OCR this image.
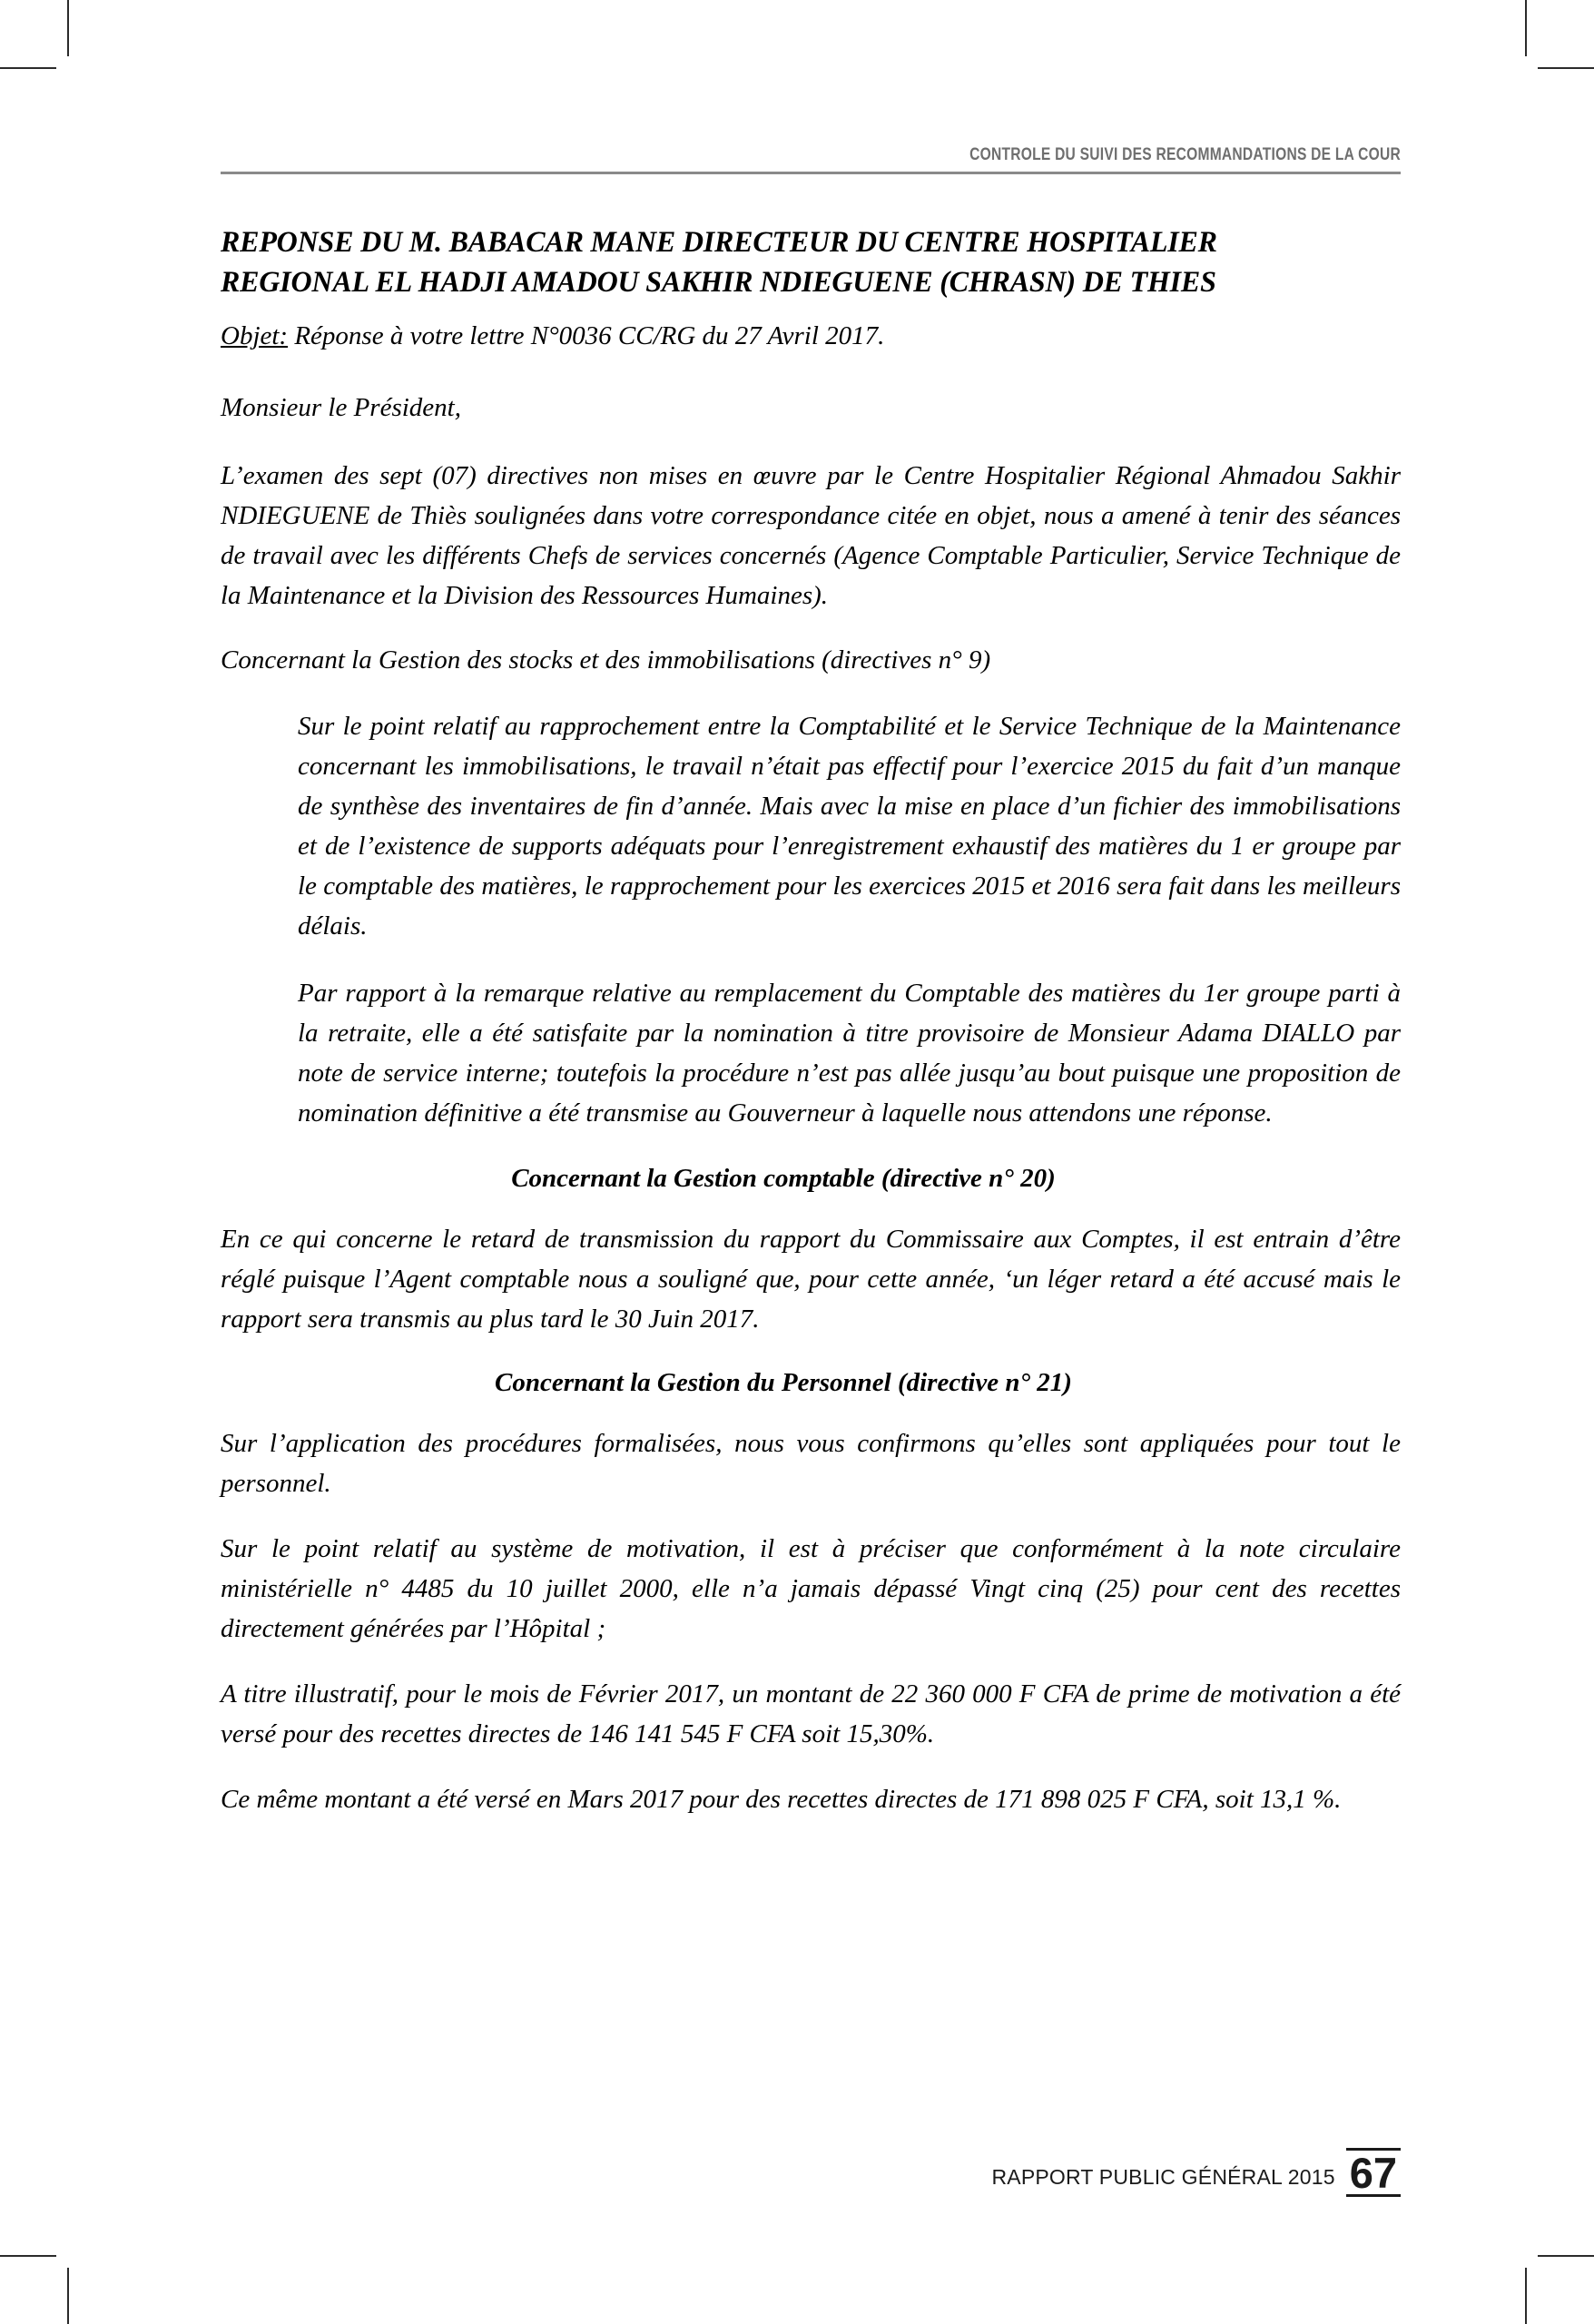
CONTROLE DU SUIVI DES RECOMMANDATIONS DE LA COUR
REPONSE DU M. BABACAR MANE DIRECTEUR DU CENTRE HOSPITALIER REGIONAL EL HADJI AMADOU SAKHIR NDIEGUENE (CHRASN) DE THIES
Objet: Réponse à votre lettre N°0036 CC/RG du 27 Avril 2017.

Monsieur le Président,

L’examen des sept (07) directives non mises en œuvre par le Centre Hospitalier Régional Ahmadou Sakhir NDIEGUENE de Thiès soulignées dans votre correspondance citée en objet, nous a amené à tenir des séances de travail avec les différents Chefs de services concernés (Agence Comptable Particulier, Service Technique de la Maintenance et la Division des Ressources Humaines).

Concernant la Gestion des stocks et des immobilisations (directives n° 9)

Sur le point relatif au rapprochement entre la Comptabilité et le Service Technique de la Maintenance concernant les immobilisations, le travail n’était pas effectif pour l’exercice 2015 du fait d’un manque de synthèse des inventaires de fin d’année. Mais avec la mise en place d’un fichier des immobilisations et de l’existence de supports adéquats pour l’enregistrement exhaustif des matières du 1 er groupe par le comptable des matières, le rapprochement pour les exercices 2015 et 2016 sera fait dans les meilleurs délais.

Par rapport à la remarque relative au remplacement du Comptable des matières du 1er groupe parti à la retraite, elle a été satisfaite par la nomination à titre provisoire de Monsieur Adama DIALLO par note de service interne; toutefois la procédure n’est pas allée jusqu’au bout puisque une proposition de nomination définitive a été transmise au Gouverneur à laquelle nous attendons une réponse.

Concernant la Gestion comptable (directive n° 20)

En ce qui concerne le retard de transmission du rapport du Commissaire aux Comptes, il est entrain d’être réglé puisque l’Agent comptable nous a souligné que, pour cette année, ‘un léger retard a été accusé mais le rapport sera transmis au plus tard le 30 Juin 2017.

Concernant la Gestion du Personnel (directive n° 21)

Sur l’application des procédures formalisées, nous vous confirmons qu’elles sont appliquées pour tout le personnel.

Sur le point relatif au système de motivation, il est à préciser que conformément à la note circulaire ministérielle n° 4485 du 10 juillet 2000, elle n’a jamais dépassé Vingt cinq (25) pour cent des recettes directement générées par l’Hôpital ;

A titre illustratif, pour le mois de Février 2017, un montant de 22 360 000 F CFA de prime de motivation a été versé pour des recettes directes de 146 141 545 F CFA soit 15,30%.

Ce même montant a été versé en Mars 2017 pour des recettes directes de 171 898 025 F CFA, soit 13,1 %.

RAPPORT PUBLIC GÉNÉRAL 2015 67
